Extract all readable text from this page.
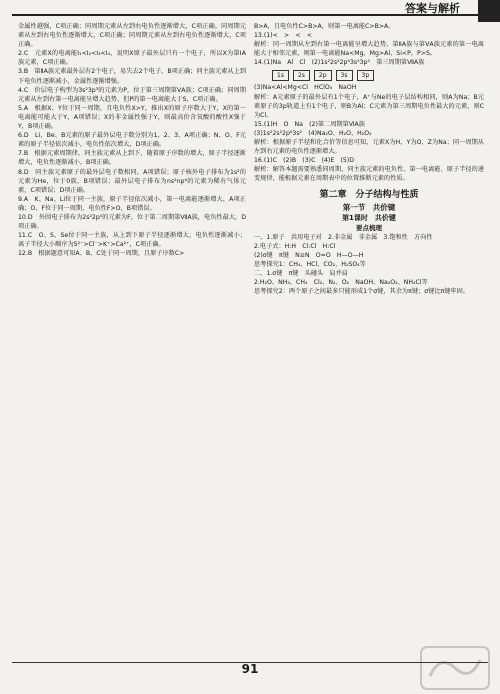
答案与解析

金属性越强，C项正确；同周期元素从左到右电负性逐渐增大，C项正确。同周期元素从左到右电负性逐渐增大，C项正确；同周期元素从左到右电负性逐渐增大，C项正确。

2.C　元素X的电离能I₁<I₂<I₃<I₄，说明X原子最外层只有一个电子，所以X为第ⅠA族元素，C项正确。

3.B　第ⅡA族元素最外层有2个电子，易失去2个电子，B项正确；同主族元素从上到下电负性逐渐减小，金属性逐渐增强。

4.C　价层电子构型为3s²3p³的元素为P，位于第三周期第ⅤA族；C项正确；同周期元素从左到右第一电离能呈增大趋势，但P的第一电离能大于S，C项正确。

5.A　根据X、Y位于同一周期，且电负性X>Y，推出X的原子序数大于Y，X的第一电离能可能大于Y，A项错误；X的非金属性强于Y，则最高价含氧酸的酸性X强于Y，B项正确。

6.D　Li、Be、B元素的原子最外层电子数分别为1、2、3，A项正确；N、O、F元素的原子半径依次减小，电负性依次增大，D项正确。

7.B　根据元素周期律，同主族元素从上到下，随着原子序数的增大，原子半径逐渐增大，电负性逐渐减小，B项正确。

8.D　同主族元素原子的最外层电子数相同，A项错误；原子核外电子排布为1s²的元素为He，位于0族，B项错误；最外层电子排布为ns²np⁶的元素为稀有气体元素，C项错误；D项正确。

9.A　K、Na、Li位于同一主族，原子半径依次减小，第一电离能逐渐增大，A项正确；O、F位于同一周期，电负性F>O，B项错误。

10.D　外围电子排布为2s²2p⁵的元素为F，位于第二周期第ⅦA族，电负性最大，D项正确。

11.C　O、S、Se位于同一主族，从上到下原子半径逐渐增大，电负性逐渐减小；离子半径大小顺序为S²⁻>Cl⁻>K⁺>Ca²⁺，C项正确。

12.B　根据题意可知A、B、C处于同一周期，且原子序数C>

B>A，且电负性C>B>A，则第一电离能C>B>A。

13.(1)<　>　<　<

解析：同一周期从左到右第一电离能呈增大趋势，第ⅡA族与第ⅤA族元素的第一电离能大于相邻元素，则第一电离能Na<Mg，Mg>Al，Si<P，P>S。

14.(1)Na　Al　Cl　(2)1s²2s²2p⁶3s²3p⁵　第三周期第ⅦA族

1s	2s	2p	3s	3p

(3)Na<Al<Mg<Cl　HClO₄　NaOH

解析：A元素原子的最外层有1个电子，A⁺与Ne的电子层结构相同，则A为Na；B元素原子的3p轨道上有1个电子，则B为Al；C元素为第三周期电负性最大的元素，则C为Cl。

15.(1)H　O　Na　(2)第二周期第ⅥA族

(3)1s²2s²2p⁶3s²　(4)Na₂O、H₂O、H₂O₂

解析：根据原子半径和化合价等信息可知，元素X为H，Y为O，Z为Na；同一周期从左到右元素的电负性逐渐增大。

16.(1)C　(2)B　(3)C　(4)E　(5)D

解析：解答本题需要熟悉同周期、同主族元素的电负性、第一电离能、原子半径的递变规律，能根据元素在周期表中的位置推断元素的性质。

第二章　分子结构与性质
第一节　共价键
第1课时　共价键
要点梳理

一、1.原子　共用电子对　2.非金属　非金属　3.饱和性　方向性

2.电子式：H:H　Cl:Cl　H:Cl

(2)σ键　π键　N≡N　O=O　H—O—H

思考探究1：CH₄、HCl、CO₂、H₂SO₄等

二、1.σ键　π键　头碰头　肩并肩

2.H₂O、NH₃、CH₄　Cl₂、N₂、O₂　NaOH、Na₂O₂、NH₄Cl等

思考探究2：两个原子之间最多只能形成1个σ键，其余为π键；σ键比π键牢固。

91
